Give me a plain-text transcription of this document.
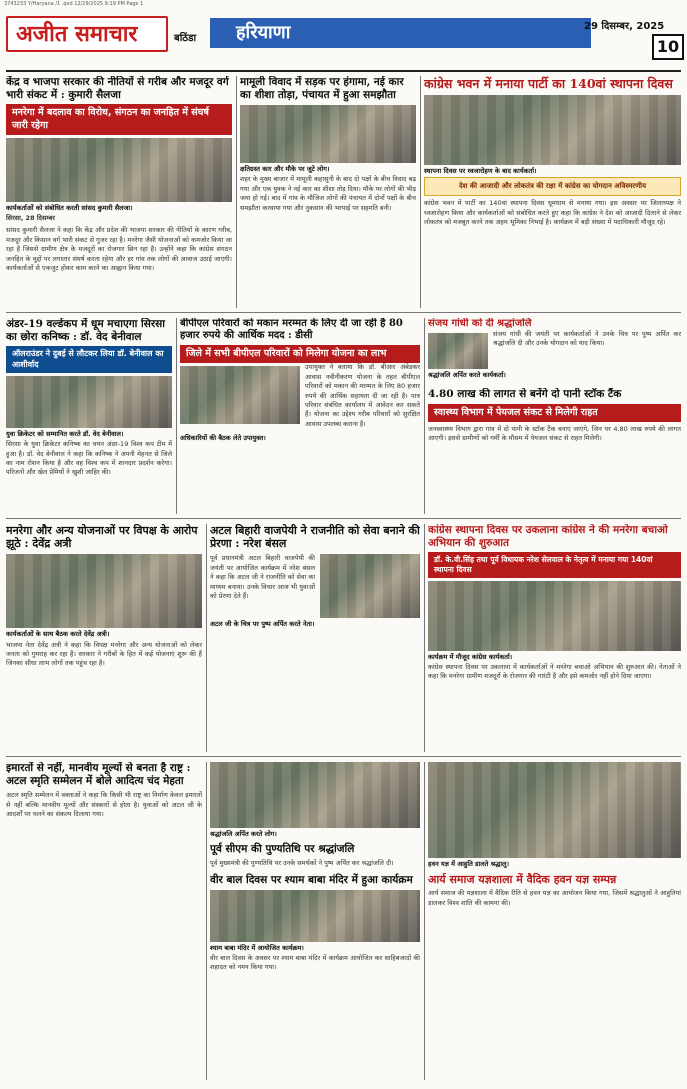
3743233 Y/Haryana /1 .qxd 12/29/2025 9:19 PM Page 1
अजीत समाचार	बठिंडा	हरियाणा	29 दिसम्बर, 2025
10
केंद्र व भाजपा सरकार की नीतियों से गरीब और मजदूर वर्ग भारी संकट में : कुमारी सैलजा
मनरेगा में बदलाव का विरोध, संगठन का जनहित में संघर्ष जारी रहेगा
कार्यकर्ताओं को संबोधित करती सांसद कुमारी सैलजा।

सिरसा, 28 दिसम्बर

सांसद कुमारी सैलजा ने कहा कि केंद्र और प्रदेश की भाजपा सरकार की नीतियों के कारण गरीब, मजदूर और किसान वर्ग भारी संकट से गुजर रहा है। मनरेगा जैसी योजनाओं को कमजोर किया जा रहा है जिससे ग्रामीण क्षेत्र के मजदूरों का रोजगार छिन रहा है। उन्होंने कहा कि कांग्रेस संगठन जनहित के मुद्दों पर लगातार संघर्ष करता रहेगा और हर गांव तक लोगों की आवाज उठाई जाएगी। कार्यकर्ताओं से एकजुट होकर काम करने का आह्वान किया गया।

मामूली विवाद में सड़क पर हंगामा, नई कार का शीशा तोड़ा, पंचायत में हुआ समझौता
क्षतिग्रस्त कार और मौके पर जुटे लोग।

शहर के मुख्य बाजार में मामूली कहासुनी के बाद दो पक्षों के बीच विवाद बढ़ गया और एक युवक ने नई कार का शीशा तोड़ दिया। मौके पर लोगों की भीड़ जमा हो गई। बाद में गांव के मौजिज लोगों की पंचायत में दोनों पक्षों के बीच समझौता करवाया गया और नुकसान की भरपाई पर सहमति बनी।

कांग्रेस भवन में मनाया पार्टी का 140वां स्थापना दिवस
स्थापना दिवस पर ध्वजारोहण के बाद कार्यकर्ता।
देश की आजादी और लोकतंत्र की रक्षा में कांग्रेस का योगदान अविस्मरणीय

कांग्रेस भवन में पार्टी का 140वां स्थापना दिवस धूमधाम से मनाया गया। इस अवसर पर जिलाध्यक्ष ने ध्वजारोहण किया और कार्यकर्ताओं को संबोधित करते हुए कहा कि कांग्रेस ने देश को आजादी दिलाने से लेकर लोकतंत्र को मजबूत करने तक अहम भूमिका निभाई है। कार्यक्रम में बड़ी संख्या में पदाधिकारी मौजूद रहे।

अंडर-19 वर्ल्डकप में धूम मचाएगा सिरसा का छोरा कनिष्क : डॉ. वेद बेनीवाल
ऑलराउंडर ने दुबई से लौटकर लिया डॉ. बेनीवाल का आशीर्वाद
युवा क्रिकेटर को सम्मानित करते डॉ. वेद बेनीवाल।

सिरसा के युवा क्रिकेटर कनिष्क का चयन अंडर-19 विश्व कप टीम में हुआ है। डॉ. वेद बेनीवाल ने कहा कि कनिष्क ने अपनी मेहनत से जिले का नाम रोशन किया है और वह विश्व कप में शानदार प्रदर्शन करेगा। परिजनों और खेल प्रेमियों ने खुशी जाहिर की।

बीपीएल परिवारों को मकान मरम्मत के लिए दी जा रही है 80 हजार रुपये की आर्थिक मदद : डीसी
जिले में सभी बीपीएल परिवारों को मिलेगा योजना का लाभ

उपायुक्त ने बताया कि डॉ. बीआर अंबेडकर आवास नवीनीकरण योजना के तहत बीपीएल परिवारों को मकान की मरम्मत के लिए 80 हजार रुपये की आर्थिक सहायता दी जा रही है। पात्र परिवार संबंधित कार्यालय में आवेदन कर सकते हैं। योजना का उद्देश्य गरीब परिवारों को सुरक्षित आवास उपलब्ध कराना है।

अधिकारियों की बैठक लेते उपायुक्त।
संजय गांधी को दी श्रद्धांजलि

संजय गांधी की जयंती पर कार्यकर्ताओं ने उनके चित्र पर पुष्प अर्पित कर श्रद्धांजलि दी और उनके योगदान को याद किया।

श्रद्धांजलि अर्पित करते कार्यकर्ता।
4.80 लाख की लागत से बनेंगे दो पानी स्टॉक टैंक
स्वास्थ्य विभाग में पेयजल संकट से मिलेगी राहत

जनस्वास्थ्य विभाग द्वारा गांव में दो पानी के स्टॉक टैंक बनाए जाएंगे, जिन पर 4.80 लाख रुपये की लागत आएगी। इससे ग्रामीणों को गर्मी के मौसम में पेयजल संकट से राहत मिलेगी।

मनरेगा और अन्य योजनाओं पर विपक्ष के आरोप झूठे : देवेंद्र अत्री
कार्यकर्ताओं के साथ बैठक करते देवेंद्र अत्री।

भाजपा नेता देवेंद्र अत्री ने कहा कि विपक्ष मनरेगा और अन्य योजनाओं को लेकर जनता को गुमराह कर रहा है। सरकार ने गरीबों के हित में कई योजनाएं शुरू की हैं जिनका सीधा लाभ लोगों तक पहुंच रहा है।

अटल बिहारी वाजपेयी ने राजनीति को सेवा बनाने की प्रेरणा : नरेश बंसल

पूर्व प्रधानमंत्री अटल बिहारी वाजपेयी की जयंती पर आयोजित कार्यक्रम में नरेश बंसल ने कहा कि अटल जी ने राजनीति को सेवा का माध्यम बनाया। उनके विचार आज भी युवाओं को प्रेरणा देते हैं।

अटल जी के चित्र पर पुष्प अर्पित करते नेता।
कांग्रेस स्थापना दिवस पर उकलाना कांग्रेस ने की मनरेगा बचाओ अभियान की शुरुआत
डॉ. के.वी.सिंह तथा पूर्व विधायक नरेश सेलवाल के नेतृत्व में मनाया गया 140वां स्थापना दिवस
कार्यक्रम में मौजूद कांग्रेस कार्यकर्ता।

कांग्रेस स्थापना दिवस पर उकलाना में कार्यकर्ताओं ने मनरेगा बचाओ अभियान की शुरुआत की। नेताओं ने कहा कि मनरेगा ग्रामीण मजदूरों के रोजगार की गारंटी है और इसे कमजोर नहीं होने दिया जाएगा।

इमारतों से नहीं, मानवीय मूल्यों से बनता है राष्ट्र : अटल स्मृति सम्मेलन में बोले आदित्य चंद मेहता

अटल स्मृति सम्मेलन में वक्ताओं ने कहा कि किसी भी राष्ट्र का निर्माण केवल इमारतों से नहीं बल्कि मानवीय मूल्यों और संस्कारों से होता है। युवाओं को अटल जी के आदर्शों पर चलने का संकल्प दिलाया गया।

श्रद्धांजलि अर्पित करते लोग।
पूर्व सीएम की पुण्यतिथि पर श्रद्धांजलि

पूर्व मुख्यमंत्री की पुण्यतिथि पर उनके समर्थकों ने पुष्प अर्पित कर श्रद्धांजलि दी।

वीर बाल दिवस पर श्याम बाबा मंदिर में हुआ कार्यक्रम
श्याम बाबा मंदिर में आयोजित कार्यक्रम।

वीर बाल दिवस के अवसर पर श्याम बाबा मंदिर में कार्यक्रम आयोजित कर साहिबजादों की शहादत को नमन किया गया।

हवन यज्ञ में आहुति डालते श्रद्धालु।
आर्य समाज यज्ञशाला में वैदिक हवन यज्ञ सम्पन्न

आर्य समाज की यज्ञशाला में वैदिक रीति से हवन यज्ञ का आयोजन किया गया, जिसमें श्रद्धालुओं ने आहुतियां डालकर विश्व शांति की कामना की।
